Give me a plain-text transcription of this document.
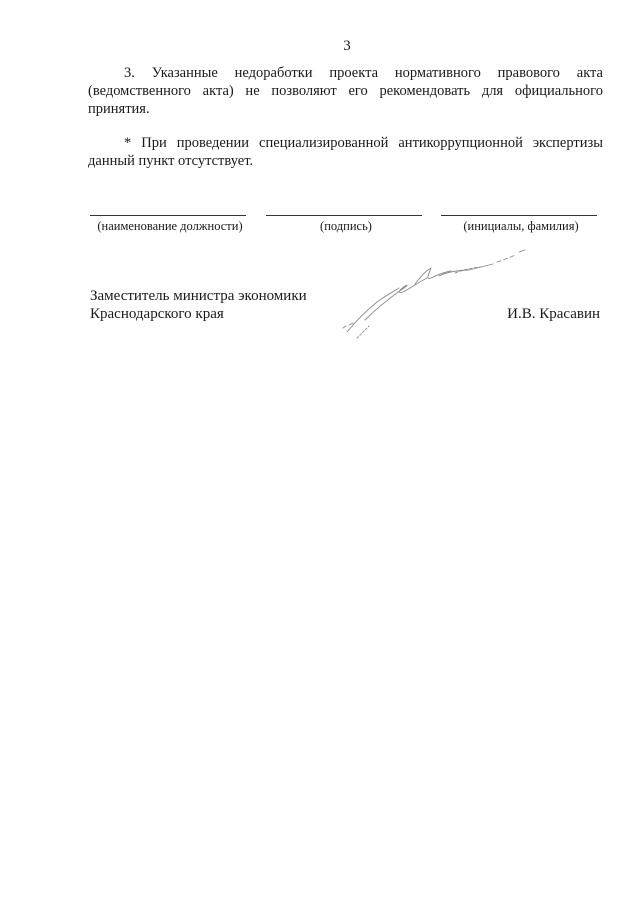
3

3. Указанные недоработки проекта нормативного правового акта (ведомственного акта) не позволяют его рекомендовать для официального принятия.

* При проведении специализированной антикоррупционной экспертизы данный пункт отсутствует.

(наименование должности)	(подпись)	(инициалы, фамилия)
Заместитель министра экономики
Краснодарского края	И.В. Красавин
